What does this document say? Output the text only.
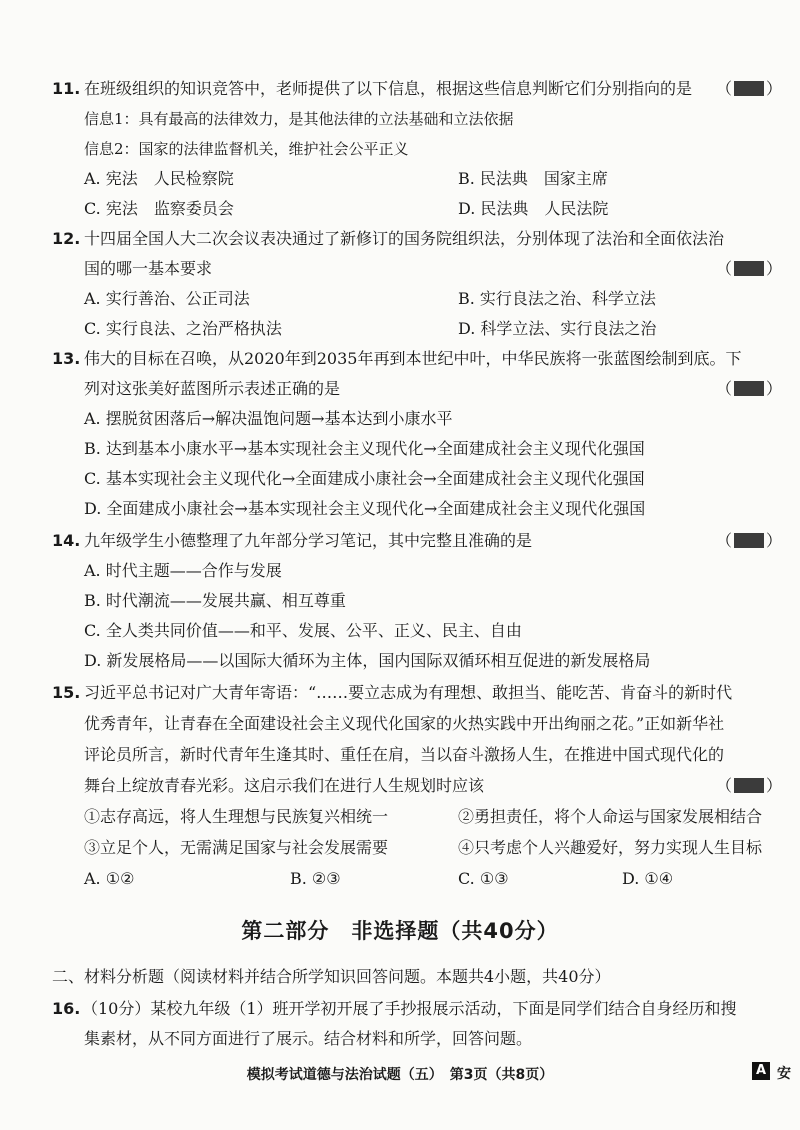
11. 在班级组织的知识竞答中，老师提供了以下信息，根据这些信息判断它们分别指向的是 （ ）
信息1：具有最高的法律效力，是其他法律的立法基础和立法依据
信息2：国家的法律监督机关，维护社会公平正义
A. 宪法　人民检察院	B. 民法典　国家主席
C. 宪法　监察委员会	D. 民法典　人民法院
12. 十四届全国人大二次会议表决通过了新修订的国务院组织法，分别体现了法治和全面依法治
国的哪一基本要求	（ ）
A. 实行善治、公正司法	B. 实行良法之治、科学立法
C. 实行良法、之治严格执法	D. 科学立法、实行良法之治
13. 伟大的目标在召唤，从2020年到2035年再到本世纪中叶，中华民族将一张蓝图绘制到底。下
列对这张美好蓝图所示表述正确的是	（ ）
A. 摆脱贫困落后→解决温饱问题→基本达到小康水平
B. 达到基本小康水平→基本实现社会主义现代化→全面建成社会主义现代化强国
C. 基本实现社会主义现代化→全面建成小康社会→全面建成社会主义现代化强国
D. 全面建成小康社会→基本实现社会主义现代化→全面建成社会主义现代化强国
14. 九年级学生小德整理了九年部分学习笔记，其中完整且准确的是	（ ）
A. 时代主题——合作与发展
B. 时代潮流——发展共赢、相互尊重
C. 全人类共同价值——和平、发展、公平、正义、民主、自由
D. 新发展格局——以国际大循环为主体，国内国际双循环相互促进的新发展格局
15. 习近平总书记对广大青年寄语：“……要立志成为有理想、敢担当、能吃苦、肯奋斗的新时代
优秀青年，让青春在全面建设社会主义现代化国家的火热实践中开出绚丽之花。”正如新华社
评论员所言，新时代青年生逢其时、重任在肩，当以奋斗激扬人生，在推进中国式现代化的
舞台上绽放青春光彩。这启示我们在进行人生规划时应该	（ ）
①志存高远，将人生理想与民族复兴相统一	②勇担责任，将个人命运与国家发展相结合
③立足个人，无需满足国家与社会发展需要	④只考虑个人兴趣爱好，努力实现人生目标
A. ①②	B. ②③	C. ①③	D. ①④
第二部分　非选择题（共40分）
二、材料分析题（阅读材料并结合所学知识回答问题。本题共4小题，共40分）
16. （10分）某校九年级（1）班开学初开展了手抄报展示活动，下面是同学们结合自身经历和搜
集素材，从不同方面进行了展示。结合材料和所学，回答问题。
模拟考试道德与法治试题（五）　第3页（共8页）	A 安
